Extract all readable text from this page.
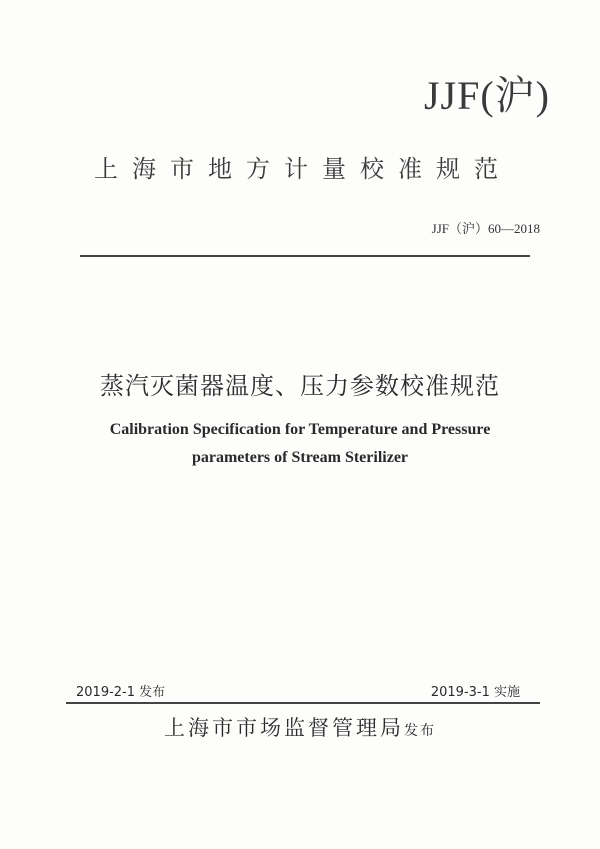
JJF(沪)
上海市地方计量校准规范
JJF（沪）60—2018
蒸汽灭菌器温度、压力参数校准规范
Calibration Specification for Temperature and Pressure
parameters of Stream Sterilizer
2019-2-1 发布	2019-3-1 实施
上海市市场监督管理局发布
